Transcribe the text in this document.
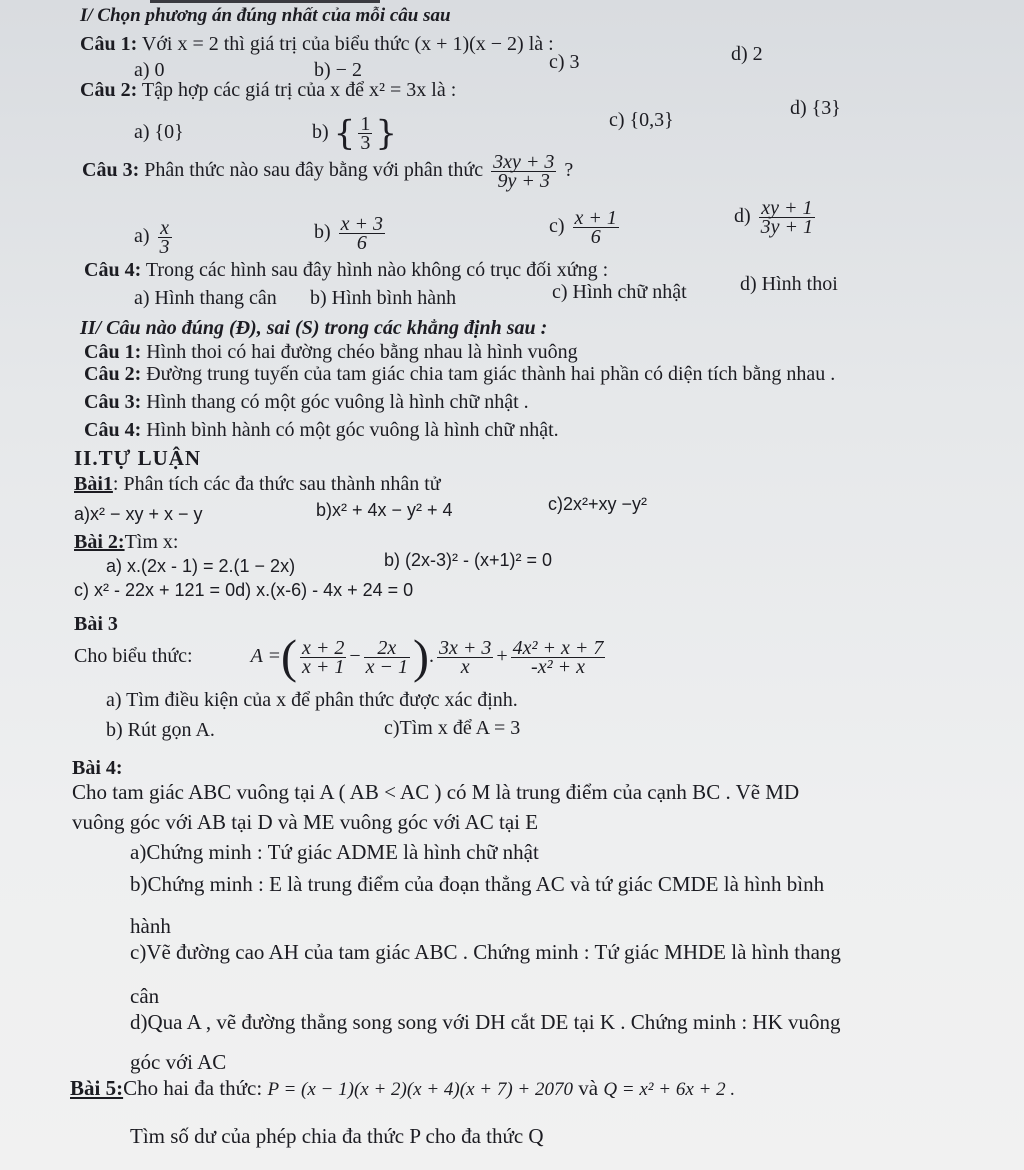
I/ Chọn phương án đúng nhất của mỗi câu sau
Câu 1: Với x = 2 thì giá trị của biểu thức (x + 1)(x − 2) là :
a) 0	b) − 2	c) 3	d) 2
Câu 2: Tập hợp các giá trị của x để x² = 3x là :
a) {0}	b) { $\frac{1}{3}$ }	c) {0,3}
d) {3}
Câu 3: Phân thức nào sau đây bằng với phân thức $\frac{3xy + 3}{9y + 3}$ ?
$a) \frac{x}{3}$	$b) \frac{x + 3}{6}$	$c) \frac{x + 1}{6}$	$d) \frac{xy + 1}{3y + 1}$
Câu 4: Trong các hình sau đây hình nào không có trục đối xứng :
a) Hình thang cân b) Hình bình hành	c) Hình chữ nhật	d) Hình thoi
II/ Câu nào đúng (Đ), sai (S) trong các khẳng định sau :
Câu 1: Hình thoi có hai đường chéo bằng nhau là hình vuông
Câu 2: Đường trung tuyến của tam giác chia tam giác thành hai phần có diện tích bằng nhau .
Câu 3: Hình thang có một góc vuông là hình chữ nhật .
Câu 4: Hình bình hành có một góc vuông là hình chữ nhật.
II.TỰ LUẬN
Bài1: Phân tích các đa thức sau thành nhân tử
a)x² − xy + x − y	b)x² + 4x − y² + 4	c)2x²+xy −y²
Bài 2:Tìm x:
a) x.(2x - 1) = 2.(1 − 2x)	b) (2x-3)² - (x+1)² = 0
c) x² - 22x + 121 = 0d) x.(x-6) - 4x + 24 = 0
Bài 3
Cho biểu thức:	A =( $\frac{x + 2}{x + 1} - \frac{2x}{x - 1}$ ). $\frac{3x + 3}{x} + \frac{\text{4x² + x + 7}}{\text{-x² + x}}$
a) Tìm điều kiện của x để phân thức được xác định.
b) Rút gọn A.	c)Tìm x để A = 3
Bài 4:
Cho tam giác ABC vuông tại A ( AB < AC ) có M là trung điểm của cạnh BC . Vẽ MD
vuông góc với AB tại D và ME vuông góc với AC tại E
a)Chứng minh : Tứ giác ADME là hình chữ nhật
b)Chứng minh : E là trung điểm của đoạn thẳng AC và tứ giác CMDE là hình bình
hành
c)Vẽ đường cao AH của tam giác ABC . Chứng minh : Tứ giác MHDE là hình thang
cân
d)Qua A , vẽ đường thẳng song song với DH cắt DE tại K . Chứng minh : HK vuông
góc với AC
Bài 5:Cho hai đa thức: P = (x − 1)(x + 2)(x + 4)(x + 7) + 2070 và Q = x² + 6x + 2 .
Tìm số dư của phép chia đa thức P cho đa thức Q
